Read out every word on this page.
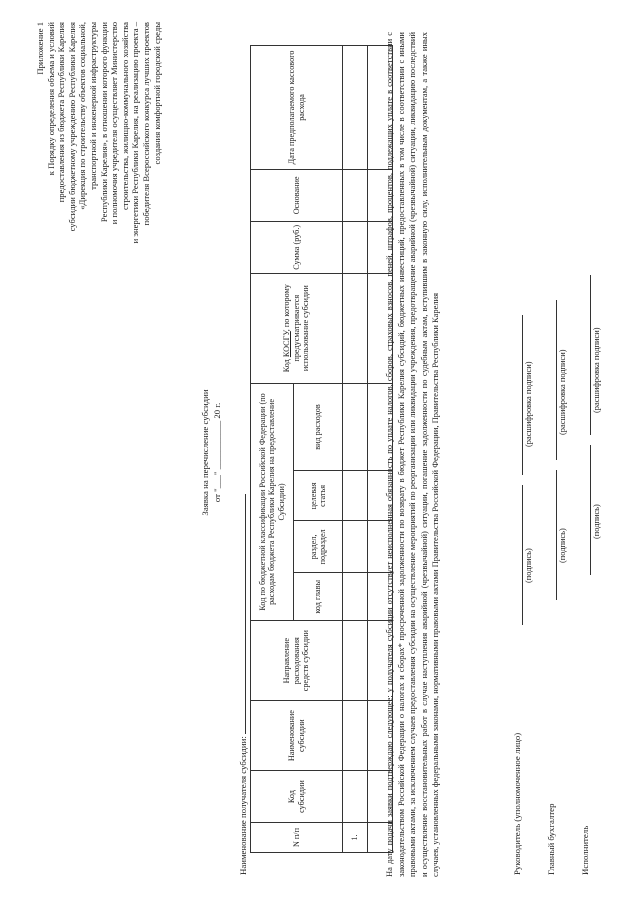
Приложение 1 к Порядку определения объема и условий предоставления из бюджета Республики Карелия субсидии бюджетному учреждению Республики Карелия «Дирекция по строительству объектов социальной, транспортной и инженерной инфраструктуры Республики Карелия», в отношении которого функции и полномочия учредителя осуществляет Министерство строительства, жилищно-коммунального хозяйства и энергетики Республики Карелия, на реализацию проекта – победителя Всероссийского конкурса лучших проектов создания комфортной городской среды
Заявка на перечисление субсидии от "___" ___________ 20 г.
Наименование получателя субсидии:	N п/п	Код субсидии	Наименование субсидии	Направление расходования средств субсидии	Код по бюджетной классификации Российской Федерации (по расходам бюджета Республики Карелия на предоставление Субсидии)				Код КОСГУ, по которому предусматривается использование субсидии	Сумма (руб.)	Основание	Дата предполагаемого кассового расхода
				код главы	раздел, подраздел	целевая статья	вид расходов				
1.											
												На дату подачи заявки подтверждаю следующее: у получателя субсидии отсутствует неисполненная обязанность по уплате налогов, сборов, страховых взносов, пеней, штрафов, процентов, подлежащих уплате в соответствии с законодательством Российской Федерации о налогах и сборах* просроченной задолженности по возврату в бюджет Республики Карелия субсидий, бюджетных инвестиций, предоставленных в том числе в соответствии с иными правовыми актами, за исключением случаев предоставления субсидии на осуществление мероприятий по реорганизации или ликвидации учреждения, предотвращение аварийной (чрезвычайной) ситуации, ликвидацию последствий и осуществление восстановительных работ в случае наступления аварийной (чрезвычайной) ситуации, погашение задолженности по судебным актам, вступившим в законную силу, исполнительным документам, а также иных случаев, установленных федеральными законами, нормативными правовыми актами Правительства Российской Федерации, Правительства Республики Карелия	Руководитель (уполномоченное лицо)
(подпись)
(расшифровка подписи)
Главный бухгалтер
(подпись)
(расшифровка подписи)
Исполнитель
(подпись)
(расшифровка подписи)
